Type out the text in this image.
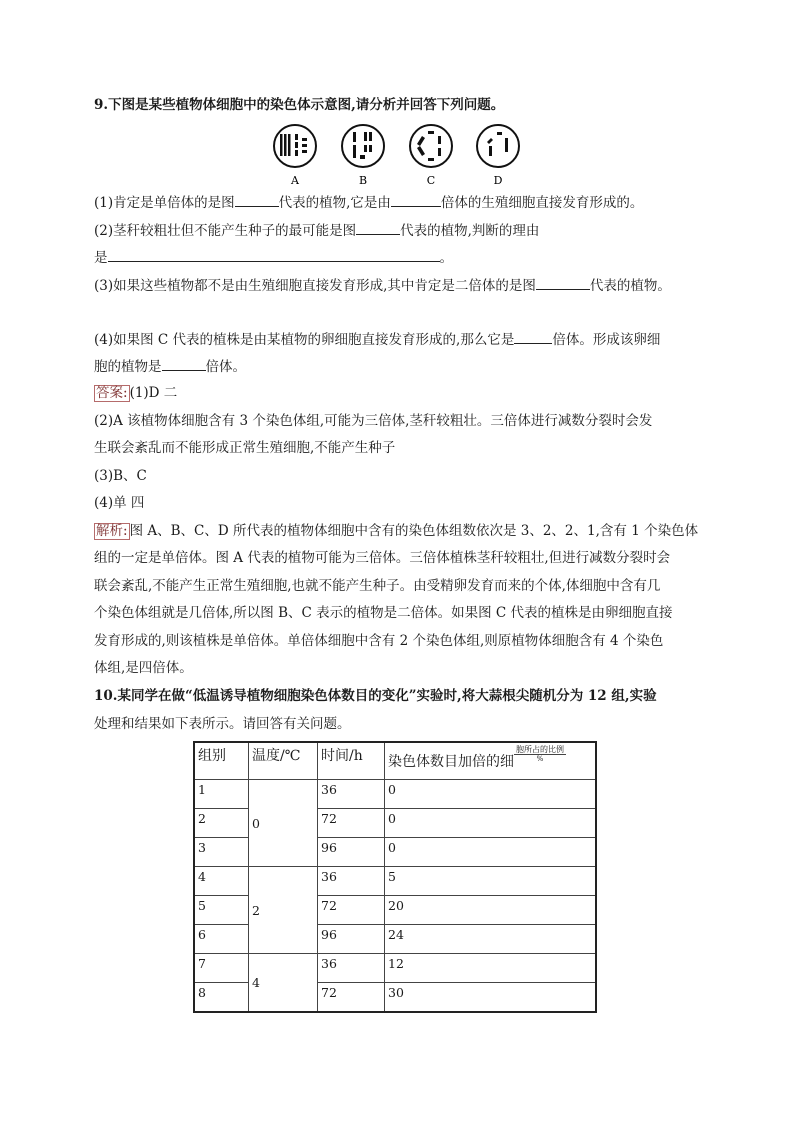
9.下图是某些植物体细胞中的染色体示意图,请分析并回答下列问题。
A	B	C	D
(1)肯定是单倍体的是图	代表的植物,它是由	倍体的生殖细胞直接发育形成的。
(2)茎秆较粗壮但不能产生种子的最可能是图	代表的植物,判断的理由
是	。
(3)如果这些植物都不是由生殖细胞直接发育形成,其中肯定是二倍体的是图	代表的植物。
(4)如果图 C 代表的植株是由某植物的卵细胞直接发育形成的,那么它是	倍体。形成该卵细
胞的植物是	倍体。
答案: (1)D 二
(2)A 该植物体细胞含有 3 个染色体组,可能为三倍体,茎秆较粗壮。三倍体进行减数分裂时会发
生联会紊乱而不能形成正常生殖细胞,不能产生种子
(3)B、C
(4)单 四
解析: 图 A、B、C、D 所代表的植物体细胞中含有的染色体组数依次是 3、2、2、1,含有 1 个染色体
组的一定是单倍体。图 A 代表的植物可能为三倍体。三倍体植株茎秆较粗壮,但进行减数分裂时会
联会紊乱,不能产生正常生殖细胞,也就不能产生种子。由受精卵发育而来的个体,体细胞中含有几
个染色体组就是几倍体,所以图 B、C 表示的植物是二倍体。如果图 C 代表的植株是由卵细胞直接
发育形成的,则该植株是单倍体。单倍体细胞中含有 2 个染色体组,则原植物体细胞含有 4 个染色
体组,是四倍体。
10.某同学在做“低温诱导植物细胞染色体数目的变化”实验时,将大蒜根尖随机分为 12 组,实验
处理和结果如下表所示。请回答有关问题。
组别	温度/℃	时间/h	染色体数目加倍的细
胞所占的比例
%

1	0	36	0
2		72	0
3		96	0
4	2	36	5
5		72	20
6		96	24
7	4	36	12
8		72	30
